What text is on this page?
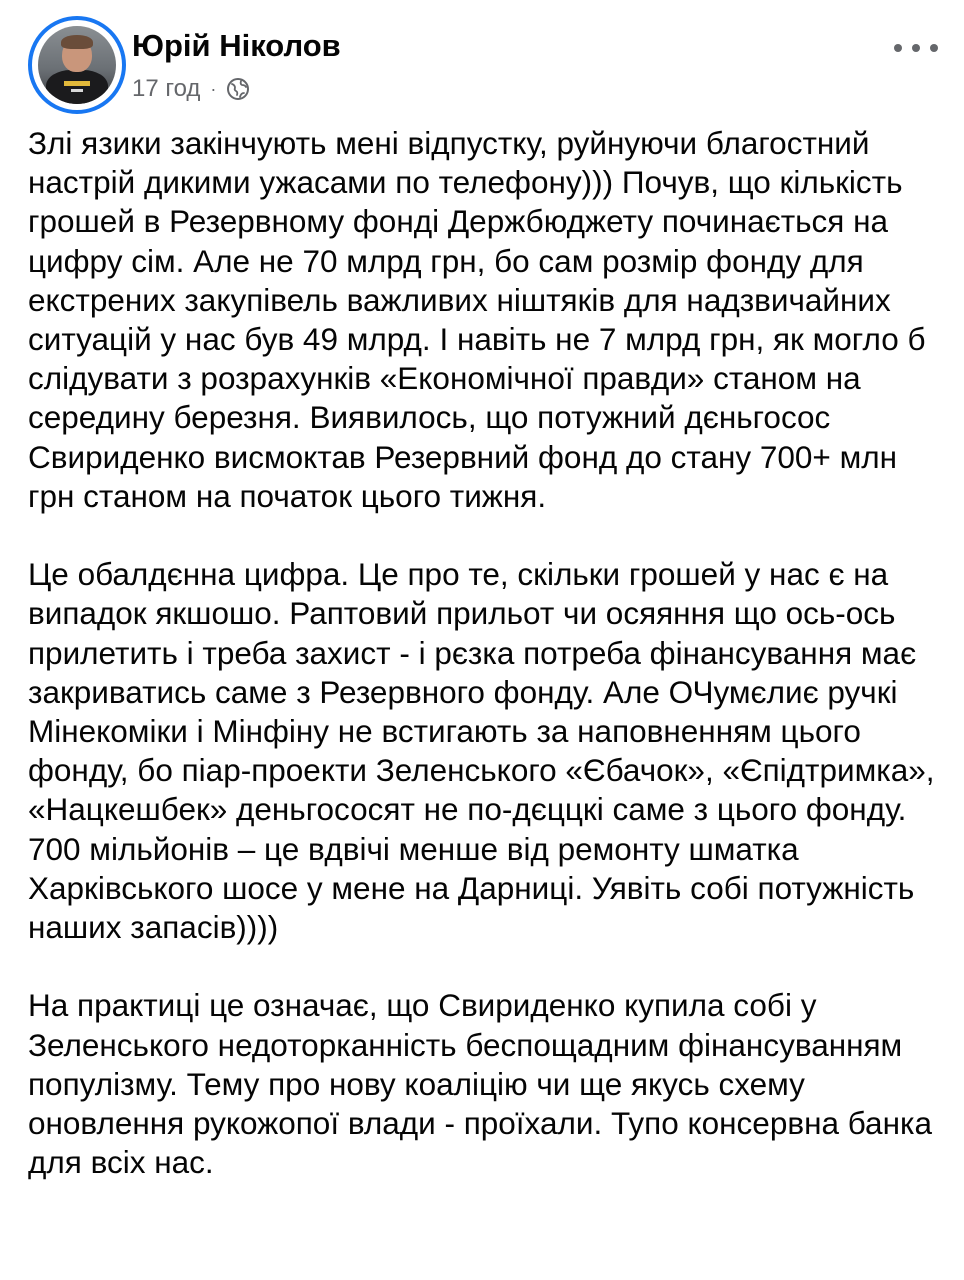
Юрій Ніколов
17 год ·

Злі язики закінчують мені відпустку, руйнуючи благостний настрій дикими ужасами по телефону))) Почув, що кількість грошей в Резервному фонді Держбюджету починається на цифру сім. Але не 70 млрд грн, бо сам розмір фонду для екстрених закупівель важливих ніштяків для надзвичайних ситуацій у нас був 49 млрд. І навіть не 7 млрд грн, як могло б слідувати з розрахунків «Економічної правди» станом на середину березня. Виявилось, що потужний дєньгосос Свириденко висмоктав Резервний фонд до стану 700+ млн грн станом на початок цього тижня.

Це обалдєнна цифра. Це про те, скільки грошей у нас є на випадок якшошо. Раптовий прильот чи осяяння що ось-ось прилетить і треба захист - і рєзка потреба фінансування має закриватись саме з Резервного фонду. Але ОЧумєлиє ручкі Мінекоміки і Мінфіну не встигають за наповненням цього фонду, бо піар-проекти Зеленського «Єбачок», «Єпідтримка», «Нацкешбек» деньгососят не по-дєццкі саме з цього фонду. 700 мільйонів – це вдвічі менше від ремонту шматка Харківського шосе у мене на Дарниці. Уявіть собі потужність наших запасів))))

На практиці це означає, що Свириденко купила собі у Зеленського недоторканність беспощадним фінансуванням популізму. Тему про нову коаліцію чи ще якусь схему оновлення рукожопої влади - проїхали. Тупо консервна банка для всіх нас.
